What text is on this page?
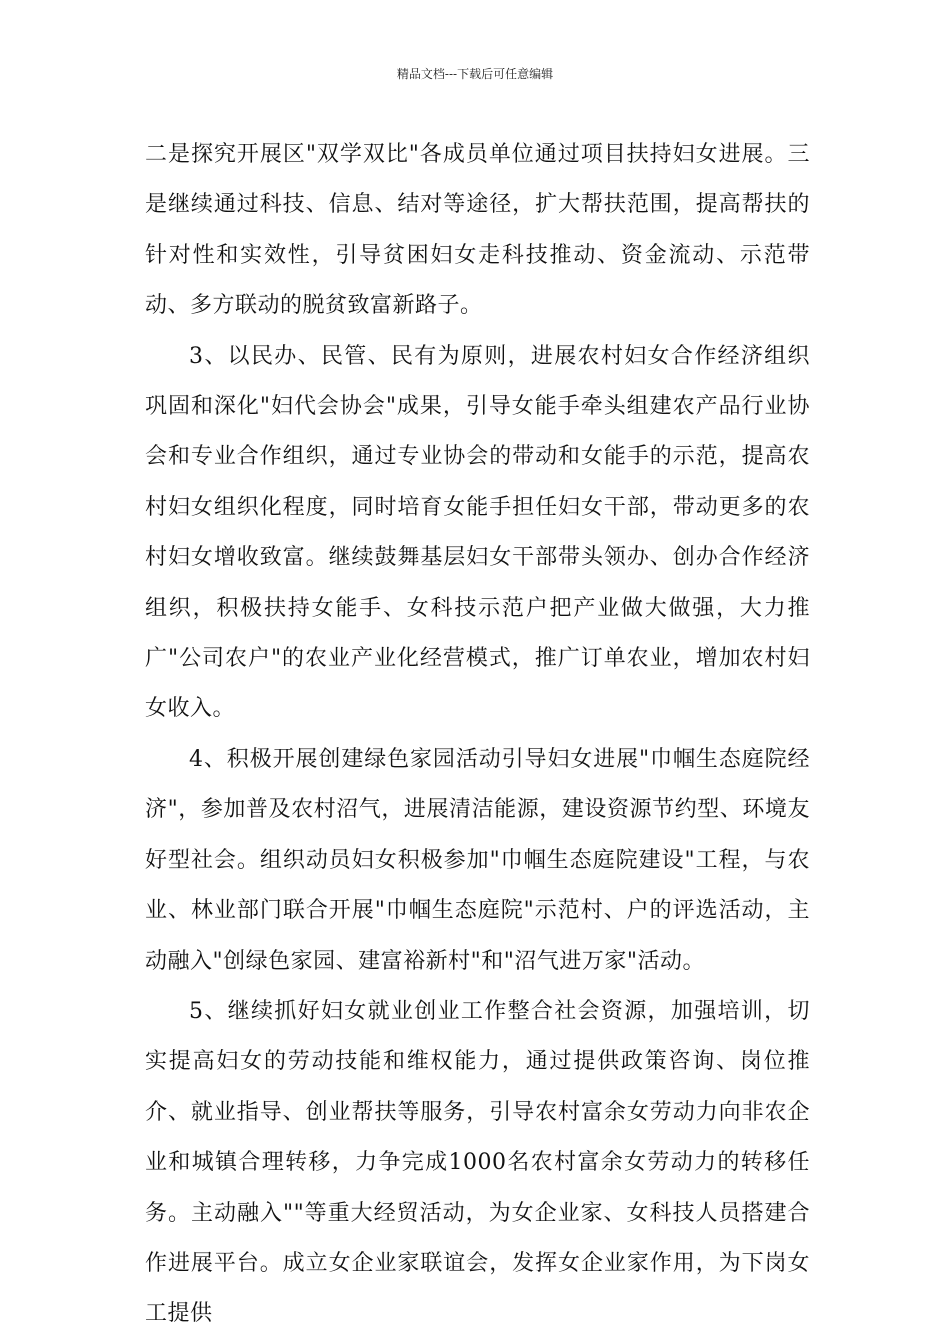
精品文档---下载后可任意编辑

二是探究开展区"双学双比"各成员单位通过项目扶持妇女进展。三是继续通过科技、信息、结对等途径，扩大帮扶范围，提高帮扶的针对性和实效性，引导贫困妇女走科技推动、资金流动、示范带动、多方联动的脱贫致富新路子。

3、以民办、民管、民有为原则，进展农村妇女合作经济组织巩固和深化"妇代会协会"成果，引导女能手牵头组建农产品行业协会和专业合作组织，通过专业协会的带动和女能手的示范，提高农村妇女组织化程度，同时培育女能手担任妇女干部，带动更多的农村妇女增收致富。继续鼓舞基层妇女干部带头领办、创办合作经济组织，积极扶持女能手、女科技示范户把产业做大做强，大力推广"公司农户"的农业产业化经营模式，推广订单农业，增加农村妇女收入。

4、积极开展创建绿色家园活动引导妇女进展"巾帼生态庭院经济"，参加普及农村沼气，进展清洁能源，建设资源节约型、环境友好型社会。组织动员妇女积极参加"巾帼生态庭院建设"工程，与农业、林业部门联合开展"巾帼生态庭院"示范村、户的评选活动，主动融入"创绿色家园、建富裕新村"和"沼气进万家"活动。

5、继续抓好妇女就业创业工作整合社会资源，加强培训，切实提高妇女的劳动技能和维权能力，通过提供政策咨询、岗位推介、就业指导、创业帮扶等服务，引导农村富余女劳动力向非农企业和城镇合理转移，力争完成1000名农村富余女劳动力的转移任务。主动融入""等重大经贸活动，为女企业家、女科技人员搭建合作进展平台。成立女企业家联谊会，发挥女企业家作用，为下岗女工提供
